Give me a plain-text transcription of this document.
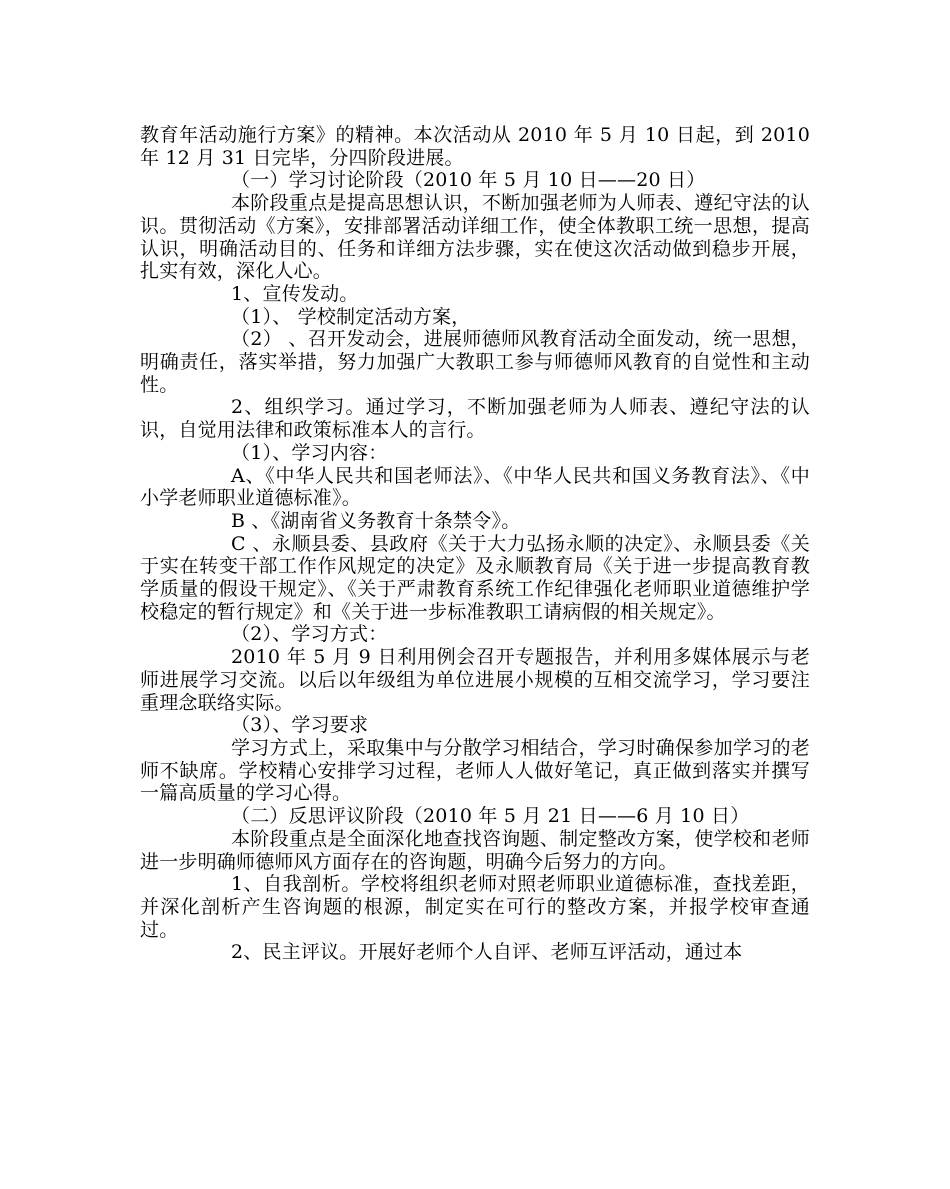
教育年活动施行方案》的精神。本次活动从 2010 年 5 月 10 日起，到 2010 年 12 月 31 日完毕，分四阶段进展。

（一）学习讨论阶段（2010 年 5 月 10 日——20 日）

本阶段重点是提高思想认识，不断加强老师为人师表、遵纪守法的认识。贯彻活动《方案》，安排部署活动详细工作，使全体教职工统一思想，提高认识，明确活动目的、任务和详细方法步骤，实在使这次活动做到稳步开展，扎实有效，深化人心。

1、宣传发动。

（1）、 学校制定活动方案，

（2） 、召开发动会，进展师德师风教育活动全面发动，统一思想，明确责任，落实举措，努力加强广大教职工参与师德师风教育的自觉性和主动性。

2、组织学习。通过学习，不断加强老师为人师表、遵纪守法的认识，自觉用法律和政策标准本人的言行。

（1）、学习内容：

A、《中华人民共和国老师法》、《中华人民共和国义务教育法》、《中小学老师职业道德标准》。

B 、《湖南省义务教育十条禁令》。

C 、永顺县委、县政府《关于大力弘扬永顺的决定》、永顺县委《关于实在转变干部工作作风规定的决定》及永顺教育局《关于进一步提高教育教学质量的假设干规定》、《关于严肃教育系统工作纪律强化老师职业道德维护学校稳定的暂行规定》和《关于进一步标准教职工请病假的相关规定》。

（2）、学习方式：

2010 年 5 月 9 日利用例会召开专题报告，并利用多媒体展示与老师进展学习交流。以后以年级组为单位进展小规模的互相交流学习，学习要注重理念联络实际。

（3）、学习要求

学习方式上，采取集中与分散学习相结合，学习时确保参加学习的老师不缺席。学校精心安排学习过程，老师人人做好笔记，真正做到落实并撰写一篇高质量的学习心得。

（二）反思评议阶段（2010 年 5 月 21 日——6 月 10 日）

本阶段重点是全面深化地查找咨询题、制定整改方案，使学校和老师进一步明确师德师风方面存在的咨询题，明确今后努力的方向。

1、自我剖析。学校将组织老师对照老师职业道德标准，查找差距，并深化剖析产生咨询题的根源，制定实在可行的整改方案，并报学校审查通过。

2、民主评议。开展好老师个人自评、老师互评活动，通过本
